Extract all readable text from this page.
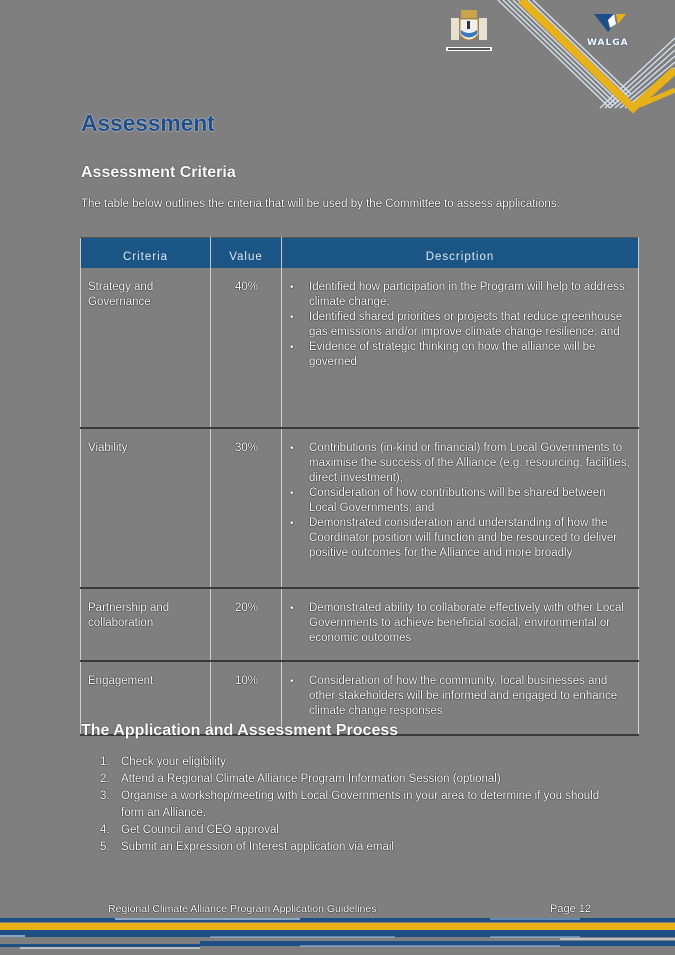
WALGA
Assessment
Assessment Criteria

The table below outlines the criteria that will be used by the Committee to assess applications.

Criteria	Value	Description
Strategy and Governance	40%	• Identified how participation in the Program will help to address climate change;
• Identified shared priorities or projects that reduce greenhouse gas emissions and/or improve climate change resilience; and
• Evidence of strategic thinking on how the alliance will be governed

Viability	30%	• Contributions (in-kind or financial) from Local Governments to maximise the success of the Alliance (e.g. resourcing, facilities, direct investment);
• Consideration of how contributions will be shared between Local Governments; and
• Demonstrated consideration and understanding of how the Coordinator position will function and be resourced to deliver positive outcomes for the Alliance and more broadly

Partnership and collaboration	20%	• Demonstrated ability to collaborate effectively with other Local Governments to achieve beneficial social, environmental or economic outcomes

Engagement	10%	• Consideration of how the community, local businesses and other stakeholders will be informed and engaged to enhance climate change responses
The Application and Assessment Process
1. Check your eligibility
2. Attend a Regional Climate Alliance Program Information Session (optional)
3. Organise a workshop/meeting with Local Governments in your area to determine if you should form an Alliance.
4. Get Council and CEO approval
5. Submit an Expression of Interest application via email
Regional Climate Alliance Program Application Guidelines	Page 12
